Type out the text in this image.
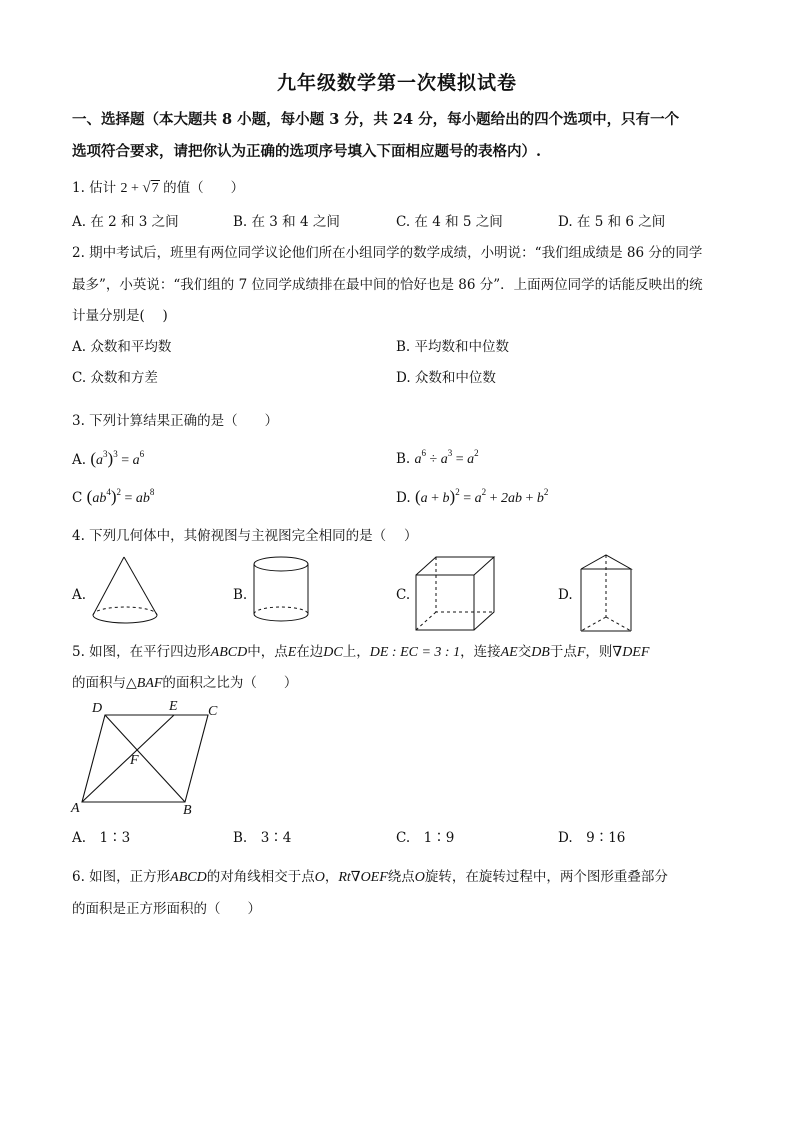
九年级数学第一次模拟试卷
一、选择题（本大题共 8 小题，每小题 3 分，共 24 分，每小题给出的四个选项中，只有一个
选项符合要求，请把你认为正确的选项序号填入下面相应题号的表格内）.
1. 估计 2 + √7 的值（　　）
A. 在 2 和 3 之间	B. 在 3 和 4 之间	C. 在 4 和 5 之间	D. 在 5 和 6 之间
2. 期中考试后，班里有两位同学议论他们所在小组同学的数学成绩，小明说：“我们组成绩是 86 分的同学
最多”，小英说：“我们组的 7 位同学成绩排在最中间的恰好也是 86 分”．上面两位同学的话能反映出的统
计量分别是(　 )
A. 众数和平均数	B. 平均数和中位数
C. 众数和方差	D. 众数和中位数
3. 下列计算结果正确的是（　　）
A. $(a^3)^3 = a^6$	B. $a^6 \div a^3 = a^2$
C $(ab^4)^2 = ab^8$	D. $(a + b)^2 = a^2 + 2ab + b^2$
4. 下列几何体中，其俯视图与主视图完全相同的是（　 ）
A.	B.	C.	D.
5. 如图，在平行四边形ABCD中，点E在边DC上，DE : EC = 3 : 1，连接AE交DB于点F，则∇DEF
的面积与△BAF的面积之比为（　　）
D	E C
F
A	B
A.　1∶3	B.　3∶4	C.　1∶9	D.　9∶16
6. 如图，正方形ABCD的对角线相交于点O，Rt∇OEF绕点O旋转，在旋转过程中，两个图形重叠部分
的面积是正方形面积的（　　）
